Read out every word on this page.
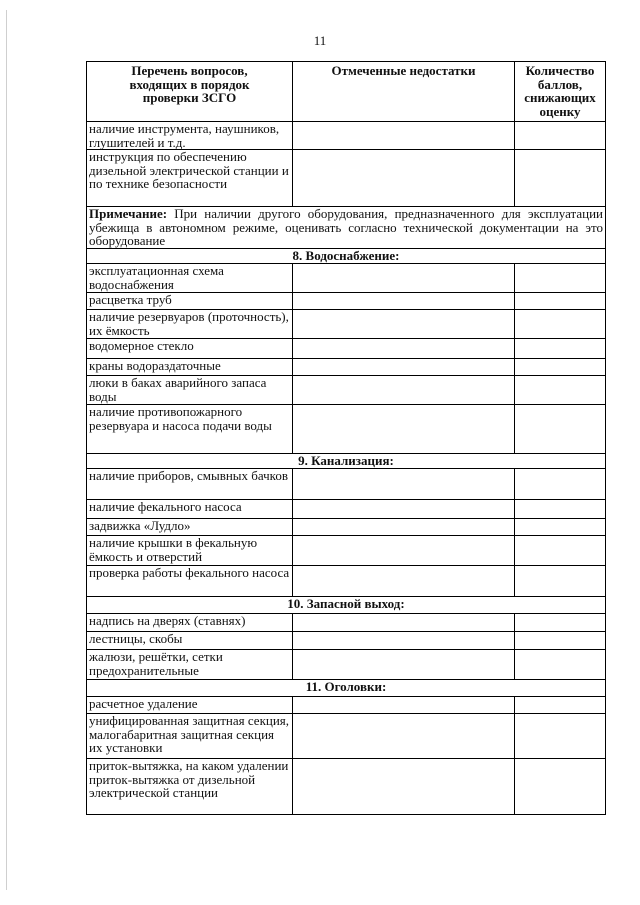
11
Перечень вопросов, входящих в порядок проверки ЗСГО	Отмеченные недостатки	Количество баллов, снижающих оценку
наличие инструмента, наушников, глушителей и т.д.		
инструкция по обеспечению дизельной электрической станции и по технике безопасности		
Примечание: При наличии другого оборудования, предназначенного для эксплуатации убежища в автономном режиме, оценивать согласно технической документации на это оборудование		
8. Водоснабжение:		
эксплуатационная схема водоснабжения		
расцветка труб		
наличие резервуаров (проточность), их ёмкость		
водомерное стекло		
краны водораздаточные		
люки в баках аварийного запаса воды		
наличие противопожарного резервуара и насоса подачи воды		
9. Канализация:		
наличие приборов, смывных бачков		
наличие фекального насоса		
задвижка «Лудло»		
наличие крышки в фекальную ёмкость и отверстий		
проверка работы фекального насоса		
10. Запасной выход:		
надпись на дверях (ставнях)		
лестницы, скобы		
жалюзи, решётки, сетки предохранительные		
11. Оголовки:		
расчетное удаление		
унифицированная защитная секция, малогабаритная защитная секция их установки		
приток-вытяжка, на каком удалении приток-вытяжка от дизельной электрической станции		
